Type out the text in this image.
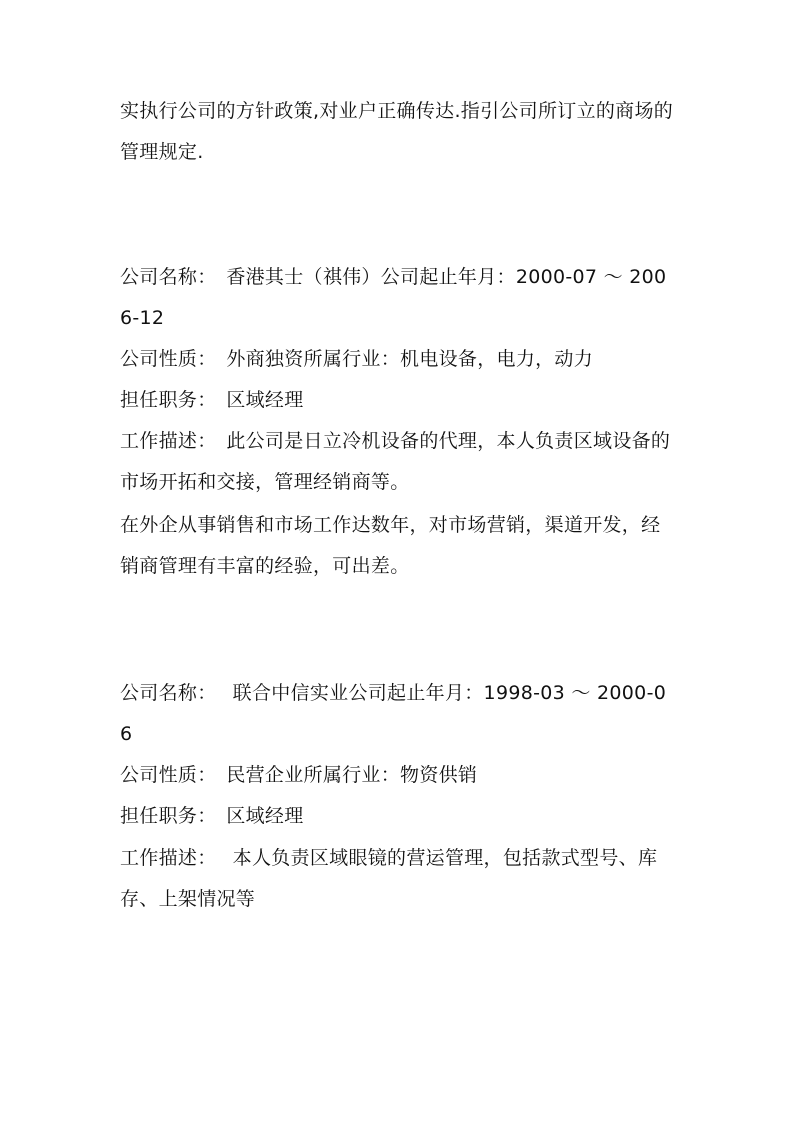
实执行公司的方针政策,对业户正确传达.指引公司所订立的商场的管理规定.

公司名称：　香港其士（祺伟）公司起止年月：2000-07 ～ 2006-12

公司性质：　外商独资所属行业：机电设备，电力，动力

担任职务：　区域经理

工作描述：　此公司是日立冷机设备的代理，本人负责区域设备的市场开拓和交接，管理经销商等。

在外企从事销售和市场工作达数年，对市场营销，渠道开发，经销商管理有丰富的经验，可出差。

公司名称：　 联合中信实业公司起止年月：1998-03 ～ 2000-06

公司性质：　民营企业所属行业：物资供销

担任职务：　区域经理

工作描述：　 本人负责区域眼镜的营运管理，包括款式型号、库存、上架情况等
